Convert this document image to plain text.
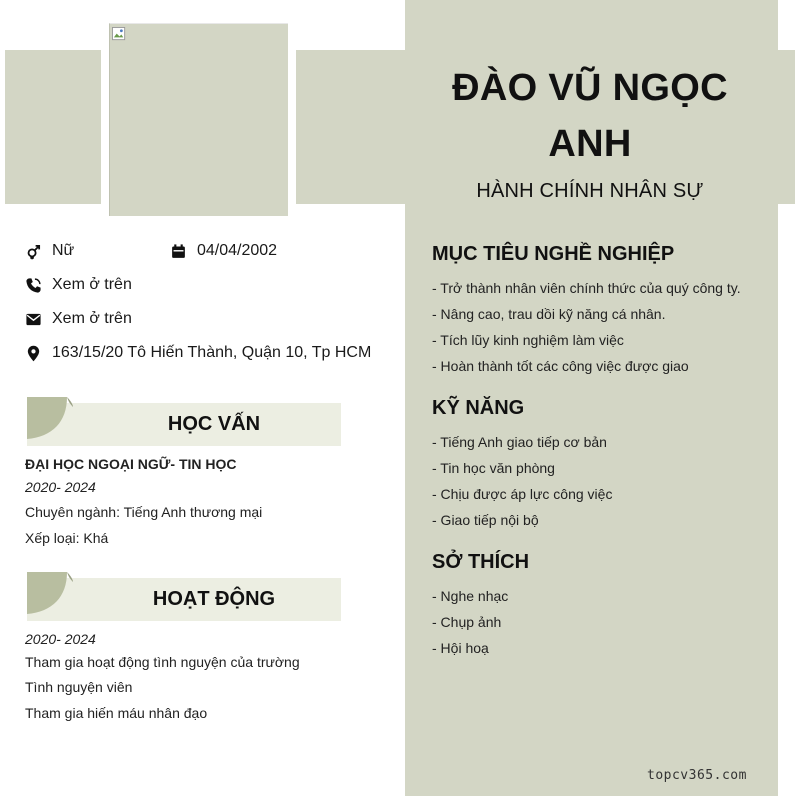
ĐÀO VŨ NGỌC ANH
HÀNH CHÍNH NHÂN SỰ
Nữ	04/04/2002
Xem ở trên
Xem ở trên
163/15/20 Tô Hiến Thành, Quận 10, Tp HCM
HỌC VẤN
ĐẠI HỌC NGOẠI NGỮ- TIN HỌC
2020- 2024
Chuyên ngành: Tiếng Anh thương mại
Xếp loại: Khá
HOẠT ĐỘNG
2020- 2024
Tham gia hoạt động tình nguyện của trường
Tình nguyện viên
Tham gia hiến máu nhân đạo
MỤC TIÊU NGHỀ NGHIỆP
- Trở thành nhân viên chính thức của quý công ty.
- Nâng cao, trau dồi kỹ năng cá nhân.
- Tích lũy kinh nghiệm làm việc
- Hoàn thành tốt các công việc được giao
KỸ NĂNG
- Tiếng Anh giao tiếp cơ bản
- Tin học văn phòng
- Chịu được áp lực công việc
- Giao tiếp nội bộ
SỞ THÍCH
- Nghe nhạc
- Chụp ảnh
- Hội hoạ
topcv365.com
